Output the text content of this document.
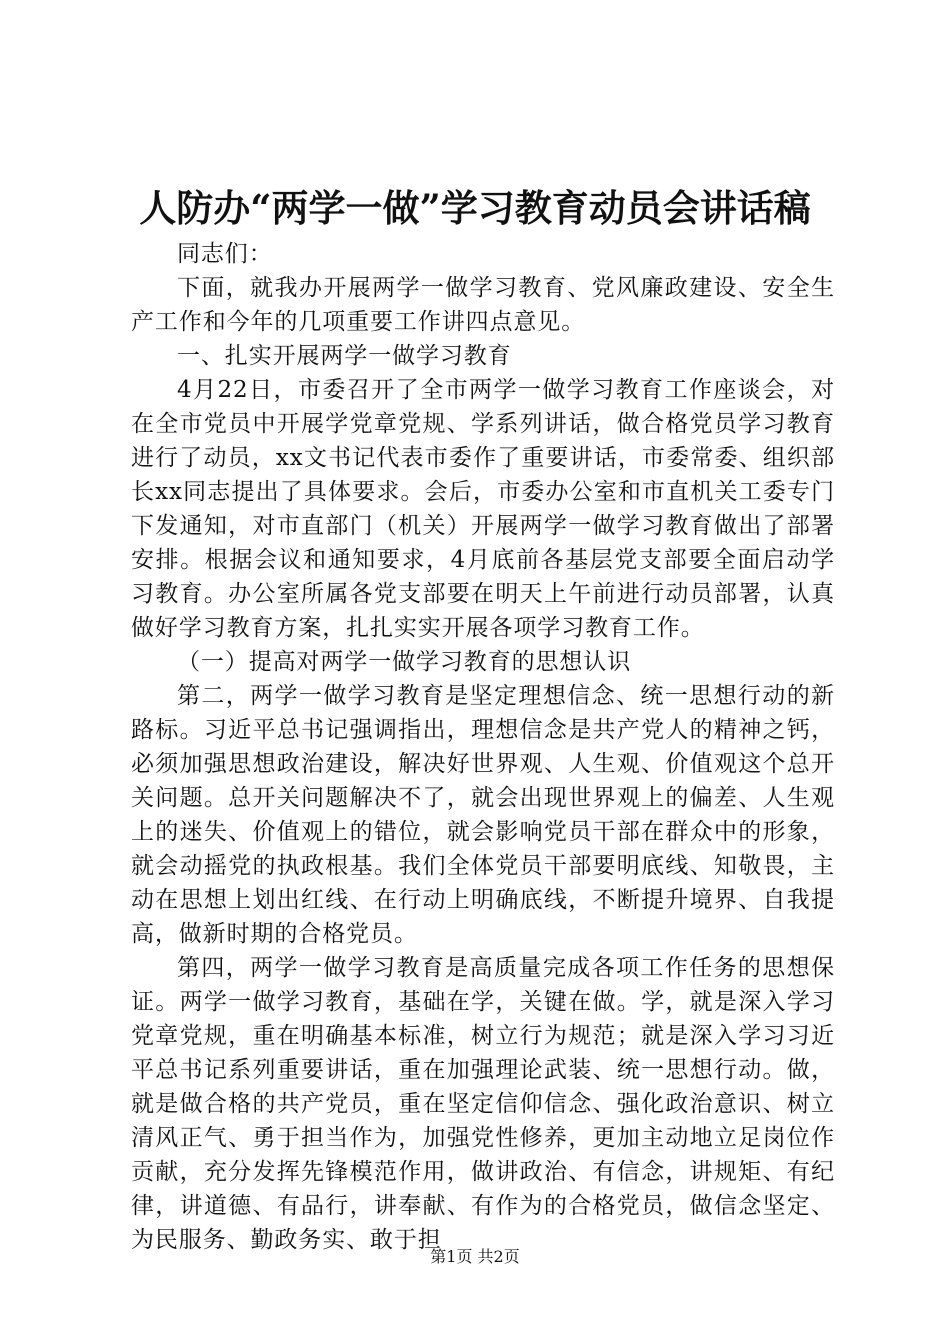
人防办“两学一做”学习教育动员会讲话稿

同志们：

下面，就我办开展两学一做学习教育、党风廉政建设、安全生产工作和今年的几项重要工作讲四点意见。

一、扎实开展两学一做学习教育

4月22日，市委召开了全市两学一做学习教育工作座谈会，对在全市党员中开展学党章党规、学系列讲话，做合格党员学习教育进行了动员，xx文书记代表市委作了重要讲话，市委常委、组织部长xx同志提出了具体要求。会后，市委办公室和市直机关工委专门下发通知，对市直部门（机关）开展两学一做学习教育做出了部署安排。根据会议和通知要求，4月底前各基层党支部要全面启动学习教育。办公室所属各党支部要在明天上午前进行动员部署，认真做好学习教育方案，扎扎实实开展各项学习教育工作。

（一）提高对两学一做学习教育的思想认识

第二，两学一做学习教育是坚定理想信念、统一思想行动的新路标。习近平总书记强调指出，理想信念是共产党人的精神之钙，必须加强思想政治建设，解决好世界观、人生观、价值观这个总开关问题。总开关问题解决不了，就会出现世界观上的偏差、人生观上的迷失、价值观上的错位，就会影响党员干部在群众中的形象，就会动摇党的执政根基。我们全体党员干部要明底线、知敬畏，主动在思想上划出红线、在行动上明确底线，不断提升境界、自我提高，做新时期的合格党员。

第四，两学一做学习教育是高质量完成各项工作任务的思想保证。两学一做学习教育，基础在学，关键在做。学，就是深入学习党章党规，重在明确基本标准，树立行为规范；就是深入学习习近平总书记系列重要讲话，重在加强理论武装、统一思想行动。做，就是做合格的共产党员，重在坚定信仰信念、强化政治意识、树立清风正气、勇于担当作为，加强党性修养，更加主动地立足岗位作贡献，充分发挥先锋模范作用，做讲政治、有信念，讲规矩、有纪律，讲道德、有品行，讲奉献、有作为的合格党员，做信念坚定、为民服务、勤政务实、敢于担

第1页 共2页
